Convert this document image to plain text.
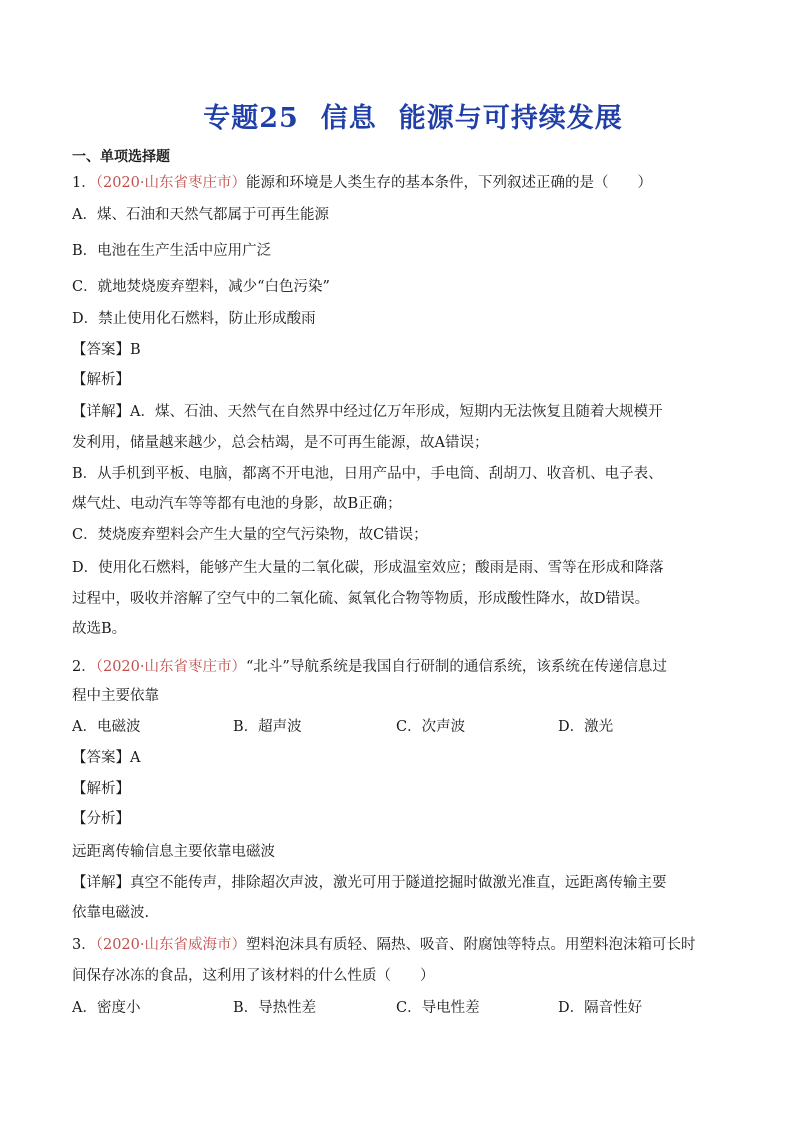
专题25 信息 能源与可持续发展
一、单项选择题
1．（2020·山东省枣庄市）能源和环境是人类生存的基本条件，下列叙述正确的是（　　）
A．煤、石油和天然气都属于可再生能源
B．电池在生产生活中应用广泛
C．就地焚烧废弃塑料，减少“白色污染”
D．禁止使用化石燃料，防止形成酸雨
【答案】B
【解析】
【详解】A．煤、石油、天然气在自然界中经过亿万年形成，短期内无法恢复且随着大规模开
发利用，储量越来越少，总会枯竭，是不可再生能源，故A错误；
B．从手机到平板、电脑，都离不开电池，日用产品中，手电筒、刮胡刀、收音机、电子表、
煤气灶、电动汽车等等都有电池的身影，故B正确；
C．焚烧废弃塑料会产生大量的空气污染物，故C错误；
D．使用化石燃料，能够产生大量的二氧化碳，形成温室效应；酸雨是雨、雪等在形成和降落
过程中，吸收并溶解了空气中的二氧化硫、氮氧化合物等物质，形成酸性降水，故D错误。
故选B。
2．（2020·山东省枣庄市）“北斗”导航系统是我国自行研制的通信系统，该系统在传递信息过
程中主要依靠
A．电磁波	B．超声波	C．次声波	D．激光
【答案】A
【解析】
【分析】
远距离传输信息主要依靠电磁波
【详解】真空不能传声，排除超次声波，激光可用于隧道挖掘时做激光准直，远距离传输主要
依靠电磁波.
3．（2020·山东省威海市）塑料泡沫具有质轻、隔热、吸音、附腐蚀等特点。用塑料泡沫箱可长时
间保存冰冻的食品，这利用了该材料的什么性质（　　）
A．密度小	B．导热性差	C．导电性差	D．隔音性好
